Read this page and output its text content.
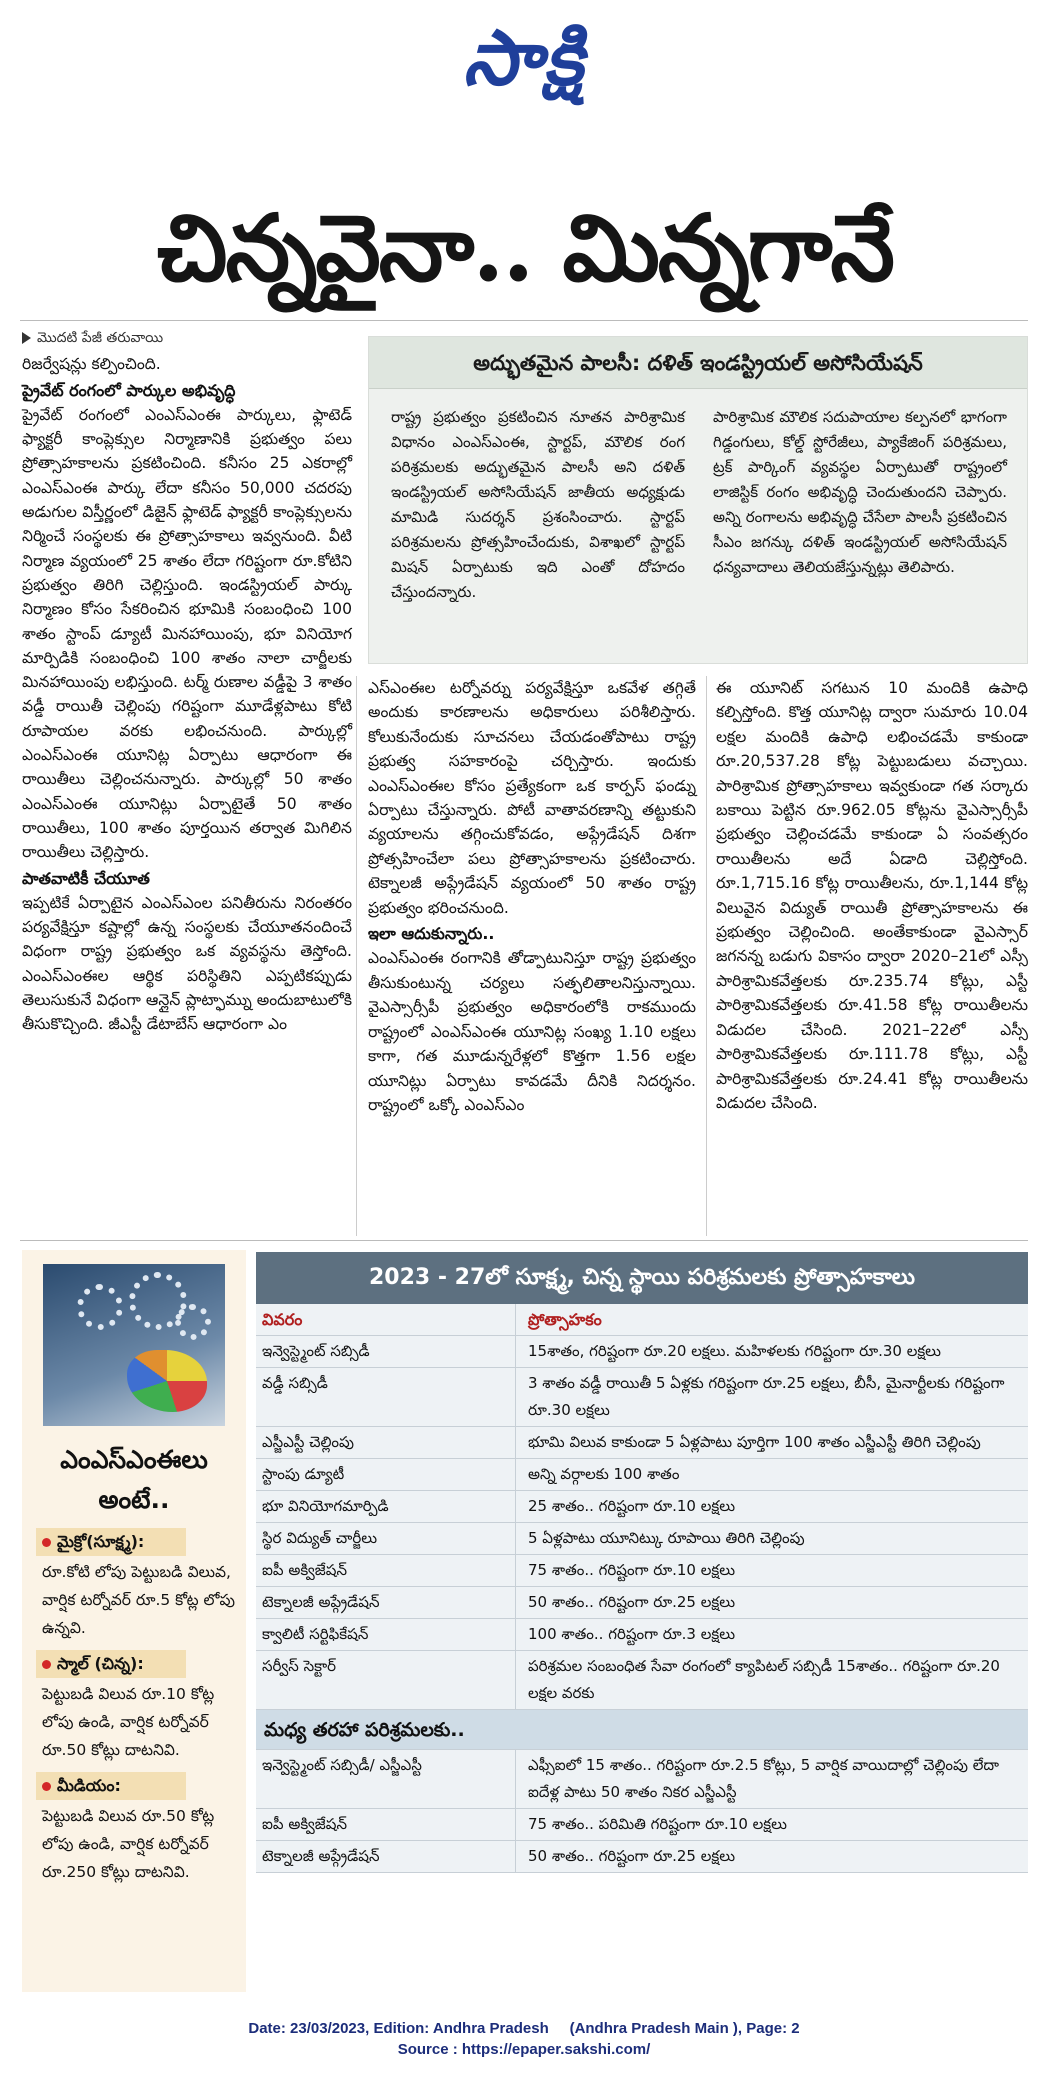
సాక్షి
చిన్నవైనా.. మిన్నగానే
మొదటి పేజీ తరువాయి

రిజర్వేషన్లు కల్పించింది.

ప్రైవేట్ రంగంలో పార్కుల అభివృద్ధి

ప్రైవేట్ రంగంలో ఎంఎస్ఎంఈ పార్కులు, ఫ్లాటెడ్ ఫ్యాక్టరీ కాంప్లెక్సుల నిర్మాణానికి ప్రభుత్వం పలు ప్రోత్సాహకాలను ప్రకటించింది. కనీసం 25 ఎకరాల్లో ఎంఎస్ఎంఈ పార్కు లేదా కనీసం 50,000 చదరపు అడుగుల విస్తీర్ణంలో డిజైన్ ఫ్లాటెడ్ ఫ్యాక్టరీ కాంప్లెక్సులను నిర్మించే సంస్థలకు ఈ ప్రోత్సాహకాలు ఇవ్వనుంది. వీటి నిర్మాణ వ్యయంలో 25 శాతం లేదా గరిష్టంగా రూ.కోటిని ప్రభుత్వం తిరిగి చెల్లిస్తుంది. ఇండస్ట్రియల్ పార్కు నిర్మాణం కోసం సేకరించిన భూమికి సంబంధించి 100 శాతం స్టాంప్ డ్యూటీ మినహాయింపు, భూ వినియోగ మార్పిడికి సంబంధించి 100 శాతం నాలా చార్జీలకు మినహాయింపు లభిస్తుంది. టర్మ్ రుణాల వడ్డీపై 3 శాతం వడ్డీ రాయితీ చెల్లింపు గరిష్టంగా మూడేళ్లపాటు కోటి రూపాయల వరకు లభించనుంది. పార్కుల్లో ఎంఎస్ఎంఈ యూనిట్ల ఏర్పాటు ఆధారంగా ఈ రాయితీలు చెల్లించనున్నారు. పార్కుల్లో 50 శాతం ఎంఎస్ఎంఈ యూనిట్లు ఏర్పాటైతే 50 శాతం రాయితీలు, 100 శాతం పూర్తయిన తర్వాత మిగిలిన రాయితీలు చెల్లిస్తారు.

పాతవాటికీ చేయూత

ఇప్పటికే ఏర్పాటైన ఎంఎస్ఎంల పనితీరును నిరంతరం పర్యవేక్షిస్తూ కష్టాల్లో ఉన్న సంస్థలకు చేయూతనందించే విధంగా రాష్ట్ర ప్రభుత్వం ఒక వ్యవస్థను తెస్తోంది. ఎంఎస్ఎంఈల ఆర్థిక పరిస్థితిని ఎప్పటికప్పుడు తెలుసుకునే విధంగా ఆన్లైన్ ప్లాట్ఫామ్ను అందుబాటులోకి తీసుకొచ్చింది. జీఎస్టీ డేటాబేస్ ఆధారంగా ఎం

అద్భుతమైన పాలసీ: దళిత్ ఇండస్ట్రియల్ అసోసియేషన్
రాష్ట్ర ప్రభుత్వం ప్రకటించిన నూతన పారిశ్రామిక విధానం ఎంఎస్ఎంఈ, స్టార్టప్, మౌలిక రంగ పరిశ్రమలకు అద్భుతమైన పాలసీ అని దళిత్ ఇండస్ట్రియల్ అసోసియేషన్ జాతీయ అధ్యక్షుడు మామిడి సుదర్శన్ ప్రశంసించారు. స్టార్టప్ పరిశ్రమలను ప్రోత్సహించేందుకు, విశాఖలో స్టార్టప్ మిషన్ ఏర్పాటుకు ఇది ఎంతో దోహదం చేస్తుందన్నారు.
పారిశ్రామిక మౌలిక సదుపాయాల కల్పనలో భాగంగా గిడ్డంగులు, కోల్డ్ స్టోరేజీలు, ప్యాకేజింగ్ పరిశ్రమలు, ట్రక్ పార్కింగ్ వ్యవస్థల ఏర్పాటుతో రాష్ట్రంలో లాజిస్టిక్ రంగం అభివృద్ధి చెందుతుందని చెప్పారు. అన్ని రంగాలను అభివృద్ధి చేసేలా పాలసీ ప్రకటించిన సీఎం జగన్కు దళిత్ ఇండస్ట్రియల్ అసోసియేషన్ ధన్యవాదాలు తెలియజేస్తున్నట్లు తెలిపారు.

ఎస్ఎంఈల టర్నోవర్ను పర్యవేక్షిస్తూ ఒకవేళ తగ్గితే అందుకు కారణాలను అధికారులు పరిశీలిస్తారు. కోలుకునేందుకు సూచనలు చేయడంతోపాటు రాష్ట్ర ప్రభుత్వ సహకారంపై చర్చిస్తారు. ఇందుకు ఎంఎస్ఎంఈల కోసం ప్రత్యేకంగా ఒక కార్పస్ ఫండ్ను ఏర్పాటు చేస్తున్నారు. పోటీ వాతావరణాన్ని తట్టుకుని వ్యయాలను తగ్గించుకోవడం, అప్గ్రేడేషన్ దిశగా ప్రోత్సహించేలా పలు ప్రోత్సాహకాలను ప్రకటించారు. టెక్నాలజీ అప్గ్రేడేషన్ వ్యయంలో 50 శాతం రాష్ట్ర ప్రభుత్వం భరించనుంది.

ఇలా ఆదుకున్నారు..

ఎంఎస్ఎంఈ రంగానికి తోడ్పాటునిస్తూ రాష్ట్ర ప్రభుత్వం తీసుకుంటున్న చర్యలు సత్ఫలితాలనిస్తున్నాయి. వైఎస్సార్సీపీ ప్రభుత్వం అధికారంలోకి రాకముందు రాష్ట్రంలో ఎంఎస్ఎంఈ యూనిట్ల సంఖ్య 1.10 లక్షలు కాగా, గత మూడున్నరేళ్లలో కొత్తగా 1.56 లక్షల యూనిట్లు ఏర్పాటు కావడమే దీనికి నిదర్శనం. రాష్ట్రంలో ఒక్కో ఎంఎస్ఎం

ఈ యూనిట్ సగటున 10 మందికి ఉపాధి కల్పిస్తోంది. కొత్త యూనిట్ల ద్వారా సుమారు 10.04 లక్షల మందికి ఉపాధి లభించడమే కాకుండా రూ.20,537.28 కోట్ల పెట్టుబడులు వచ్చాయి. పారిశ్రామిక ప్రోత్సాహకాలు ఇవ్వకుండా గత సర్కారు బకాయి పెట్టిన రూ.962.05 కోట్లను వైఎస్సార్సీపీ ప్రభుత్వం చెల్లించడమే కాకుండా ఏ సంవత్సరం రాయితీలను అదే ఏడాది చెల్లిస్తోంది. రూ.1,715.16 కోట్ల రాయితీలను, రూ.1,144 కోట్ల విలువైన విద్యుత్ రాయితీ ప్రోత్సాహకాలను ఈ ప్రభుత్వం చెల్లించింది. అంతేకాకుండా వైఎస్సార్ జగనన్న బడుగు వికాసం ద్వారా 2020–21లో ఎస్సీ పారిశ్రామికవేత్తలకు రూ.235.74 కోట్లు, ఎస్టీ పారిశ్రామికవేత్తలకు రూ.41.58 కోట్ల రాయితీలను విడుదల చేసింది. 2021–22లో ఎస్సీ పారిశ్రామికవేత్తలకు రూ.111.78 కోట్లు, ఎస్టీ పారిశ్రామికవేత్తలకు రూ.24.41 కోట్ల రాయితీలను విడుదల చేసింది.

ఎంఎస్ఎంఈలు
అంటే..
మైక్రో(సూక్ష్మ):
రూ.కోటి లోపు పెట్టుబడి విలువ, వార్షిక టర్నోవర్ రూ.5 కోట్ల లోపు ఉన్నవి.
స్మాల్ (చిన్న):
పెట్టుబడి విలువ రూ.10 కోట్ల లోపు ఉండి, వార్షిక టర్నోవర్ రూ.50 కోట్లు దాటనివి.
మీడియం:
పెట్టుబడి విలువ రూ.50 కోట్ల లోపు ఉండి, వార్షిక టర్నోవర్ రూ.250 కోట్లు దాటనివి.
2023 - 27లో సూక్ష్మ, చిన్న స్థాయి పరిశ్రమలకు ప్రోత్సాహకాలు
వివరం	ప్రోత్సాహకం
ఇన్వెస్ట్మెంట్ సబ్సిడీ	15శాతం, గరిష్టంగా రూ.20 లక్షలు. మహిళలకు గరిష్టంగా రూ.30 లక్షలు
వడ్డీ సబ్సిడీ	3 శాతం వడ్డీ రాయితీ 5 ఏళ్లకు గరిష్టంగా రూ.25 లక్షలు, బీసీ, మైనార్టీలకు గరిష్టంగా రూ.30 లక్షలు
ఎస్జీఎస్టీ చెల్లింపు	భూమి విలువ కాకుండా 5 ఏళ్లపాటు పూర్తిగా 100 శాతం ఎస్జీఎస్టీ తిరిగి చెల్లింపు
స్టాంపు డ్యూటీ	అన్ని వర్గాలకు 100 శాతం
భూ వినియోగమార్పిడి	25 శాతం.. గరిష్టంగా రూ.10 లక్షలు
స్థిర విద్యుత్ చార్జీలు	5 ఏళ్లపాటు యూనిట్కు రూపాయి తిరిగి చెల్లింపు
ఐపీ అక్విజేషన్	75 శాతం.. గరిష్టంగా రూ.10 లక్షలు
టెక్నాలజీ అప్గ్రేడేషన్	50 శాతం.. గరిష్టంగా రూ.25 లక్షలు
క్వాలిటీ సర్టిఫికేషన్	100 శాతం.. గరిష్టంగా రూ.3 లక్షలు
సర్వీస్ సెక్టార్	పరిశ్రమల సంబంధిత సేవా రంగంలో క్యాపిటల్ సబ్సిడీ 15శాతం.. గరిష్టంగా రూ.20 లక్షల వరకు
మధ్య తరహా పరిశ్రమలకు..
ఇన్వెస్ట్మెంట్ సబ్సిడీ/ ఎస్జీఎస్టీ	ఎఫ్సీఐలో 15 శాతం.. గరిష్టంగా రూ.2.5 కోట్లు, 5 వార్షిక వాయిదాల్లో చెల్లింపు లేదా ఐదేళ్ల పాటు 50 శాతం నికర ఎస్జీఎస్టీ
ఐపీ అక్విజేషన్	75 శాతం.. పరిమితి గరిష్టంగా రూ.10 లక్షలు
టెక్నాలజీ అప్గ్రేడేషన్	50 శాతం.. గరిష్టంగా రూ.25 లక్షలు
Date: 23/03/2023, Edition: Andhra Pradesh     (Andhra Pradesh Main ), Page: 2
Source : https://epaper.sakshi.com/
